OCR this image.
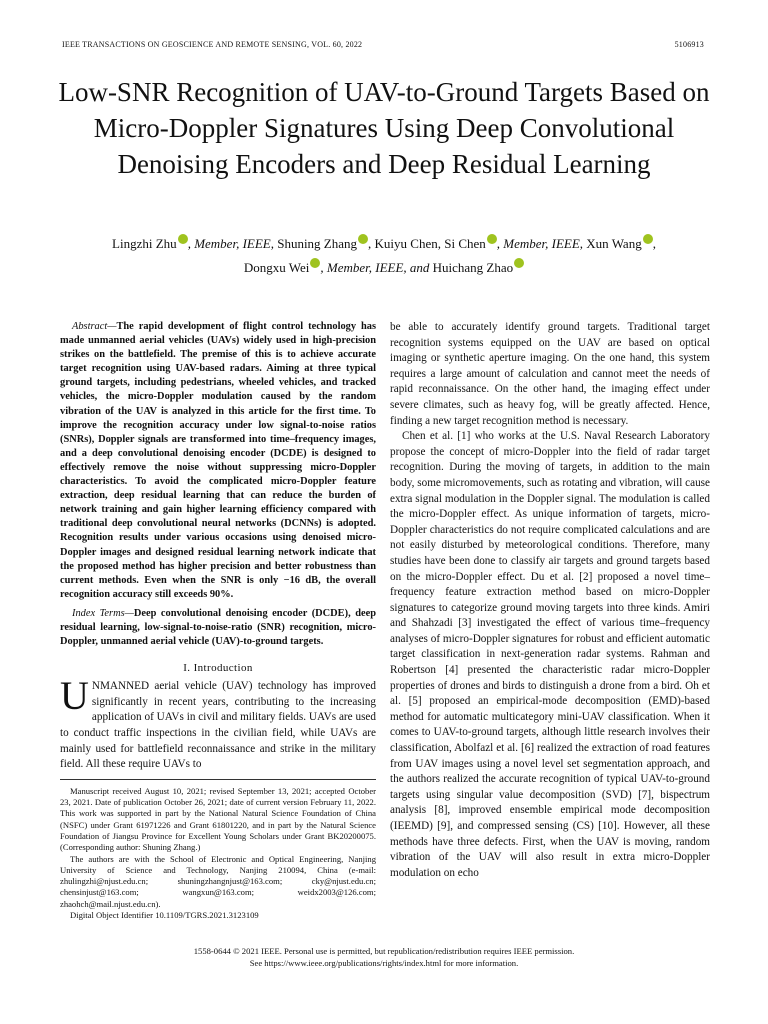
IEEE TRANSACTIONS ON GEOSCIENCE AND REMOTE SENSING, VOL. 60, 2022	5106913
Low-SNR Recognition of UAV-to-Ground Targets Based on Micro-Doppler Signatures Using Deep Convolutional Denoising Encoders and Deep Residual Learning
Lingzhi Zhu , Member, IEEE, Shuning Zhang , Kuiyu Chen, Si Chen , Member, IEEE, Xun Wang ,
Dongxu Wei , Member, IEEE, and Huichang Zhao

Abstract—The rapid development of flight control technology has made unmanned aerial vehicles (UAVs) widely used in high-precision strikes on the battlefield. The premise of this is to achieve accurate target recognition using UAV-based radars. Aiming at three typical ground targets, including pedestrians, wheeled vehicles, and tracked vehicles, the micro-Doppler modulation caused by the random vibration of the UAV is analyzed in this article for the first time. To improve the recognition accuracy under low signal-to-noise ratios (SNRs), Doppler signals are transformed into time–frequency images, and a deep convolutional denoising encoder (DCDE) is designed to effectively remove the noise without suppressing micro-Doppler characteristics. To avoid the complicated micro-Doppler feature extraction, deep residual learning that can reduce the burden of network training and gain higher learning efficiency compared with traditional deep convolutional neural networks (DCNNs) is adopted. Recognition results under various occasions using denoised micro-Doppler images and designed residual learning network indicate that the proposed method has higher precision and better robustness than current methods. Even when the SNR is only −16 dB, the overall recognition accuracy still exceeds 90%.

Index Terms—Deep convolutional denoising encoder (DCDE), deep residual learning, low-signal-to-noise-ratio (SNR) recognition, micro-Doppler, unmanned aerial vehicle (UAV)-to-ground targets.

I. Introduction

UNMANNED aerial vehicle (UAV) technology has improved significantly in recent years, contributing to the increasing application of UAVs in civil and military fields. UAVs are used to conduct traffic inspections in the civilian field, while UAVs are mainly used for battlefield reconnaissance and strike in the military field. All these require UAVs to

Manuscript received August 10, 2021; revised September 13, 2021; accepted October 23, 2021. Date of publication October 26, 2021; date of current version February 11, 2022. This work was supported in part by the National Natural Science Foundation of China (NSFC) under Grant 61971226 and Grant 61801220, and in part by the Natural Science Foundation of Jiangsu Province for Excellent Young Scholars under Grant BK20200075. (Corresponding author: Shuning Zhang.)

The authors are with the School of Electronic and Optical Engineering, Nanjing University of Science and Technology, Nanjing 210094, China (e-mail: zhulingzhi@njust.edu.cn; shuningzhangnjust@163.com; cky@njust.edu.cn; chensinjust@163.com; wangxun@163.com; weidx2003@126.com; zhaohch@mail.njust.edu.cn).

Digital Object Identifier 10.1109/TGRS.2021.3123109

be able to accurately identify ground targets. Traditional target recognition systems equipped on the UAV are based on optical imaging or synthetic aperture imaging. On the one hand, this system requires a large amount of calculation and cannot meet the needs of rapid reconnaissance. On the other hand, the imaging effect under severe climates, such as heavy fog, will be greatly affected. Hence, finding a new target recognition method is necessary.

Chen et al. [1] who works at the U.S. Naval Research Laboratory propose the concept of micro-Doppler into the field of radar target recognition. During the moving of targets, in addition to the main body, some micromovements, such as rotating and vibration, will cause extra signal modulation in the Doppler signal. The modulation is called the micro-Doppler effect. As unique information of targets, micro-Doppler characteristics do not require complicated calculations and are not easily disturbed by meteorological conditions. Therefore, many studies have been done to classify air targets and ground targets based on the micro-Doppler effect. Du et al. [2] proposed a novel time–frequency feature extraction method based on micro-Doppler signatures to categorize ground moving targets into three kinds. Amiri and Shahzadi [3] investigated the effect of various time–frequency analyses of micro-Doppler signatures for robust and efficient automatic target classification in next-generation radar systems. Rahman and Robertson [4] presented the characteristic radar micro-Doppler properties of drones and birds to distinguish a drone from a bird. Oh et al. [5] proposed an empirical-mode decomposition (EMD)-based method for automatic multicategory mini-UAV classification. When it comes to UAV-to-ground targets, although little research involves their classification, Abolfazl et al. [6] realized the extraction of road features from UAV images using a novel level set segmentation approach, and the authors realized the accurate recognition of typical UAV-to-ground targets using singular value decomposition (SVD) [7], bispectrum analysis [8], improved ensemble empirical mode decomposition (IEEMD) [9], and compressed sensing (CS) [10]. However, all these methods have three defects. First, when the UAV is moving, random vibration of the UAV will also result in extra micro-Doppler modulation on echo

1558-0644 © 2021 IEEE. Personal use is permitted, but republication/redistribution requires IEEE permission.
See https://www.ieee.org/publications/rights/index.html for more information.
